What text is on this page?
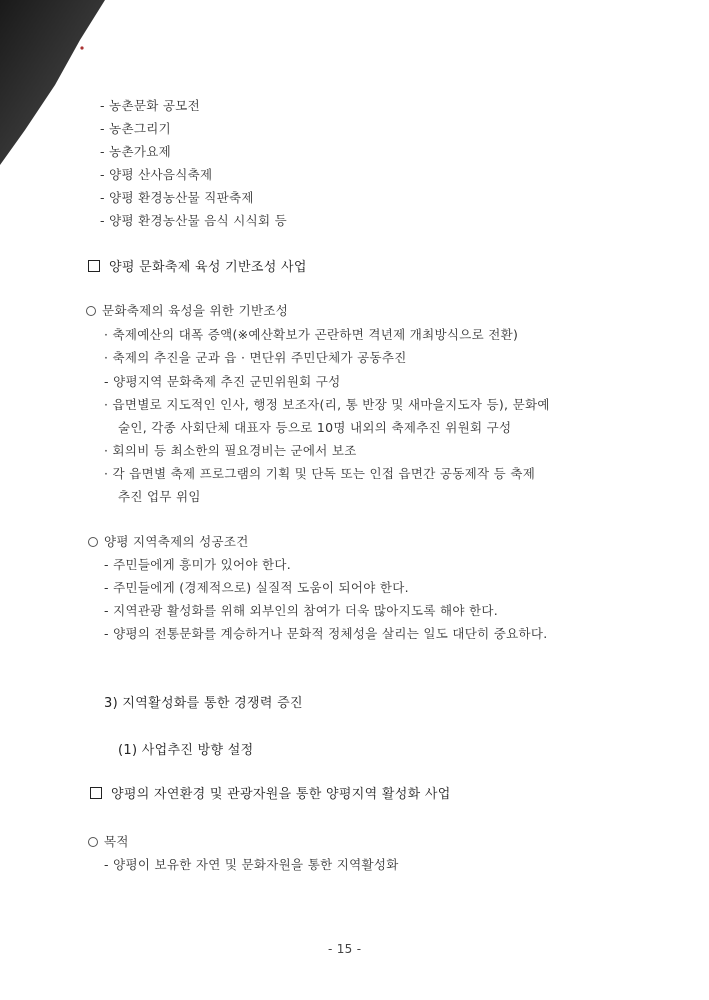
- 농촌문화 공모전
- 농촌그리기
- 농촌가요제
- 양평 산사음식축제
- 양평 환경농산물 직판축제
- 양평 환경농산물 음식 시식회 등
양평 문화축제 육성 기반조성 사업
문화축제의 육성을 위한 기반조성
· 축제예산의 대폭 증액(※예산확보가 곤란하면 격년제 개최방식으로 전환)
· 축제의 추진을 군과 읍 · 면단위 주민단체가 공동추진
- 양평지역 문화축제 추진 군민위원회 구성
· 읍면별로 지도적인 인사, 행정 보조자(리, 통 반장 및 새마을지도자 등), 문화예
술인, 각종 사회단체 대표자 등으로 10명 내외의 축제추진 위원회 구성
· 회의비 등 최소한의 필요경비는 군에서 보조
· 각 읍면별 축제 프로그램의 기획 및 단독 또는 인접 읍면간 공동제작 등 축제
추진 업무 위임
양평 지역축제의 성공조건
- 주민들에게 흥미가 있어야 한다.
- 주민들에게 (경제적으로) 실질적 도움이 되어야 한다.
- 지역관광 활성화를 위해 외부인의 참여가 더욱 많아지도록 해야 한다.
- 양평의 전통문화를 계승하거나 문화적 정체성을 살리는 일도 대단히 중요하다.
3) 지역활성화를 통한 경쟁력 증진
(1) 사업추진 방향 설정
양평의 자연환경 및 관광자원을 통한 양평지역 활성화 사업
목적
- 양평이 보유한 자연 및 문화자원을 통한 지역활성화
- 15 -
